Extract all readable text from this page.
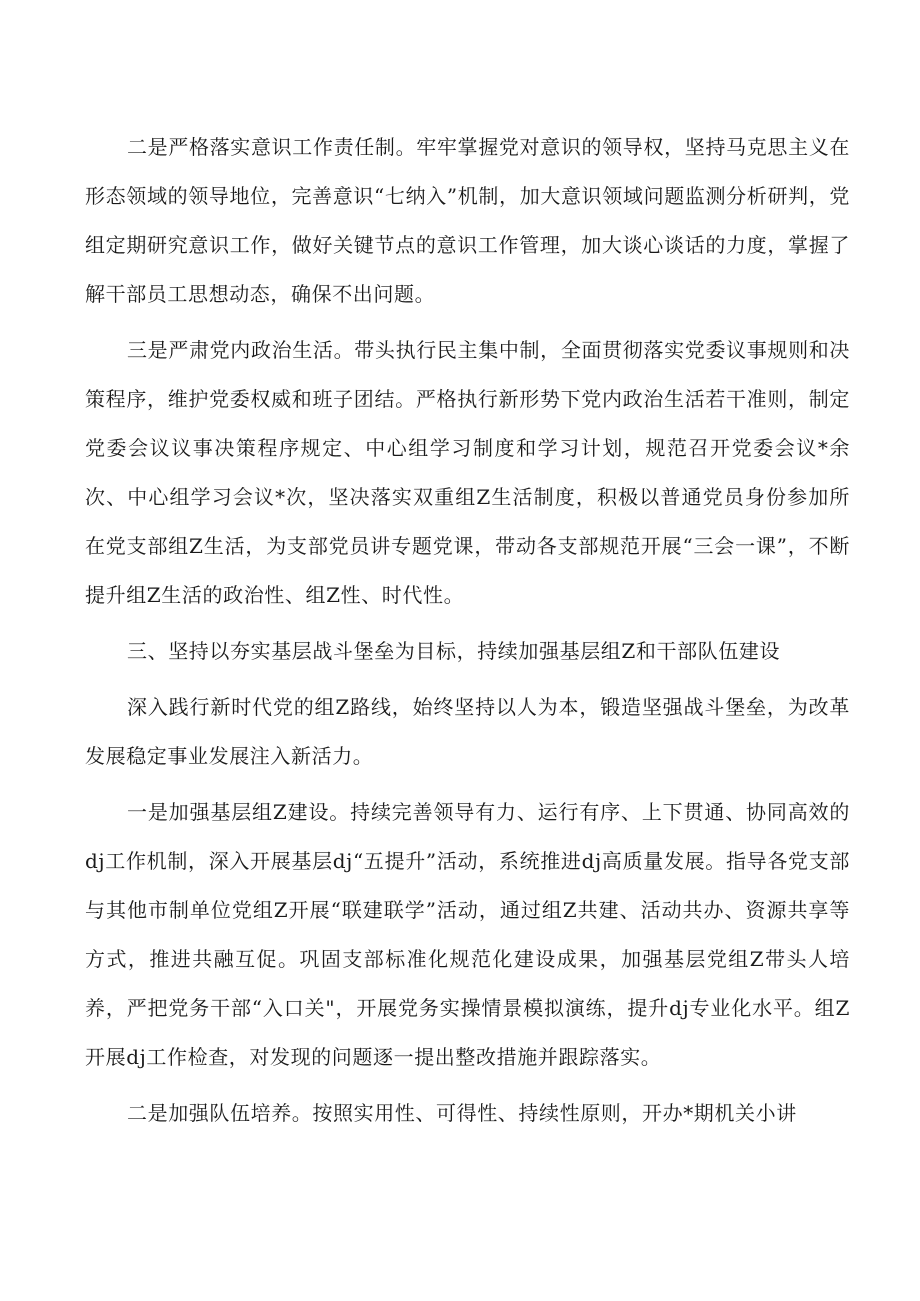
二是严格落实意识工作责任制。牢牢掌握党对意识的领导权，坚持马克思主义在形态领域的领导地位，完善意识“七纳入”机制，加大意识领域问题监测分析研判，党组定期研究意识工作，做好关键节点的意识工作管理，加大谈心谈话的力度，掌握了解干部员工思想动态，确保不出问题。

三是严肃党内政治生活。带头执行民主集中制，全面贯彻落实党委议事规则和决策程序，维护党委权威和班子团结。严格执行新形势下党内政治生活若干准则，制定党委会议议事决策程序规定、中心组学习制度和学习计划，规范召开党委会议*余次、中心组学习会议*次，坚决落实双重组Z生活制度，积极以普通党员身份参加所在党支部组Z生活，为支部党员讲专题党课，带动各支部规范开展“三会一课”，不断提升组Z生活的政治性、组Z性、时代性。

三、坚持以夯实基层战斗堡垒为目标，持续加强基层组Z和干部队伍建设

深入践行新时代党的组Z路线，始终坚持以人为本，锻造坚强战斗堡垒，为改革发展稳定事业发展注入新活力。

一是加强基层组Z建设。持续完善领导有力、运行有序、上下贯通、协同高效的dj工作机制，深入开展基层dj“五提升”活动，系统推进dj高质量发展。指导各党支部与其他市制单位党组Z开展“联建联学”活动，通过组Z共建、活动共办、资源共享等方式，推进共融互促。巩固支部标准化规范化建设成果，加强基层党组Z带头人培养，严把党务干部“入口关"，开展党务实操情景模拟演练，提升dj专业化水平。组Z开展dj工作检查，对发现的问题逐一提出整改措施并跟踪落实。

二是加强队伍培养。按照实用性、可得性、持续性原则，开办*期机关小讲
